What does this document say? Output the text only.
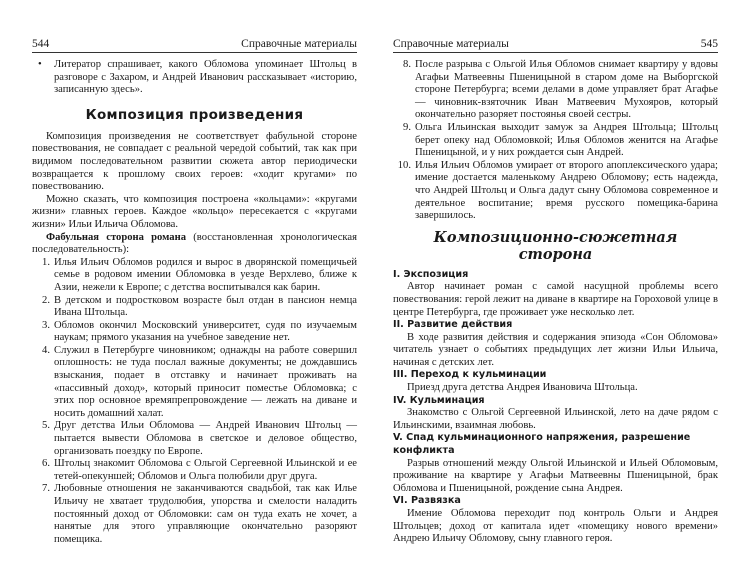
544	Справочные материалы

• Литератор спрашивает, какого Обломова упоминает Штольц в разговоре с Захаром, и Андрей Иванович рассказывает «историю, записанную здесь».

Композиция произведения

Композиция произведения не соответствует фабульной стороне повествования, не совпадает с реальной чередой событий, так как при видимом последовательном развитии сюжета автор периодически возвращается к прошлому своих героев: «ходит кругами» по повествованию.

Можно сказать, что композиция построена «кольцами»: «кругами жизни» главных героев. Каждое «кольцо» пересекается с «кругами жизни» Ильи Ильича Обломова.

Фабульная сторона романа (восстановленная хронологическая последовательность):

1. Илья Ильич Обломов родился и вырос в дворянской помещичьей семье в родовом имении Обломовка в уезде Верхлево, ближе к Азии, нежели к Европе; с детства воспитывался как барин.

2. В детском и подростковом возрасте был отдан в пансион немца Ивана Штольца.

3. Обломов окончил Московский университет, судя по изучаемым наукам; прямого указания на учебное заведение нет.

4. Служил в Петербурге чиновником; однажды на работе совершил оплошность: не туда послал важные документы; не дождавшись взыскания, подает в отставку и начинает проживать на «пассивный доход», который приносит поместье Обломовка; с этих пор основное времяпрепровождение — лежать на диване и носить домашний халат.

5. Друг детства Ильи Обломова — Андрей Иванович Штольц — пытается вывести Обломова в светское и деловое общество, организовать поездку по Европе.

6. Штольц знакомит Обломова с Ольгой Сергеевной Ильинской и ее тетей-опекуншей; Обломов и Ольга полюбили друг друга.

7. Любовные отношения не заканчиваются свадьбой, так как Илье Ильичу не хватает трудолюбия, упорства и смелости наладить постоянный доход от Обломовки: сам он туда ехать не хочет, а нанятые для этого управляющие окончательно разоряют помещика.

Справочные материалы	545

8. После разрыва с Ольгой Илья Обломов снимает квартиру у вдовы Агафьи Матвеевны Пшеницыной в старом доме на Выборгской стороне Петербурга; всеми делами в доме управляет брат Агафье — чиновник-взяточник Иван Матвеевич Мухояров, который окончательно разоряет постоянья своей сестры.

9. Ольга Ильинская выходит замуж за Андрея Штольца; Штольц берет опеку над Обломовкой; Илья Обломов женится на Агафье Пшеницыной, и у них рождается сын Андрей.

10. Илья Ильич Обломов умирает от второго апоплексического удара; имение достается маленькому Андрею Обломову; есть надежда, что Андрей Штольц и Ольга дадут сыну Обломова современное и деятельное воспитание; время русского помещика-барина завершилось.

Композиционно-сюжетная
сторона
I. Экспозиция

Автор начинает роман с самой насущной проблемы всего повествования: герой лежит на диване в квартире на Гороховой улице в центре Петербурга, где проживает уже несколько лет.

II. Развитие действия

В ходе развития действия и содержания эпизода «Сон Обломова» читатель узнает о событиях предыдущих лет жизни Ильи Ильича, начиная с детских лет.

III. Переход к кульминации

Приезд друга детства Андрея Ивановича Штольца.

IV. Кульминация

Знакомство с Ольгой Сергеевной Ильинской, лето на даче рядом с Ильинскими, взаимная любовь.

V. Спад кульминационного напряжения, разрешение конфликта

Разрыв отношений между Ольгой Ильинской и Ильей Обломовым, проживание на квартире у Агафьи Матвеевны Пшеницыной, брак Обломова и Пшеницыной, рождение сына Андрея.

VI. Развязка

Имение Обломова переходит под контроль Ольги и Андрея Штольцев; доход от капитала идет «помещику нового времени» Андрею Ильичу Обломову, сыну главного героя.
